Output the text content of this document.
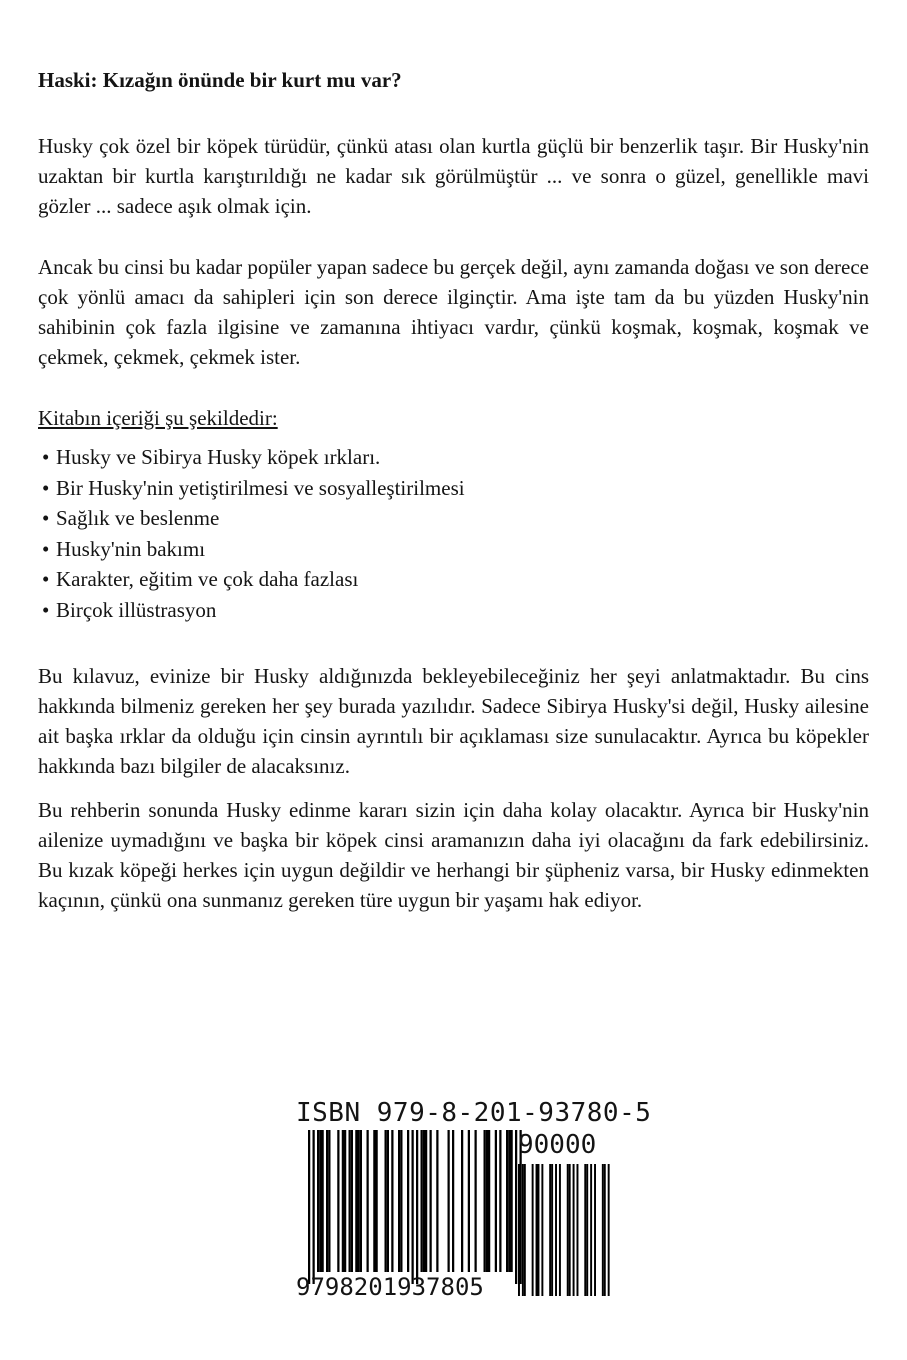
Haski: Kızağın önünde bir kurt mu var?

Husky çok özel bir köpek türüdür, çünkü atası olan kurtla güçlü bir benzerlik taşır. Bir Husky'nin uzaktan bir kurtla karıştırıldığı ne kadar sık görülmüştür ... ve sonra o güzel, genellikle mavi gözler ... sadece aşık olmak için.

Ancak bu cinsi bu kadar popüler yapan sadece bu gerçek değil, aynı zamanda doğası ve son derece çok yönlü amacı da sahipleri için son derece ilginçtir. Ama işte tam da bu yüzden Husky'nin sahibinin çok fazla ilgisine ve zamanına ihtiyacı vardır, çünkü koşmak, koşmak, koşmak ve çekmek, çekmek, çekmek ister.

Kitabın içeriği şu şekildedir:
• Husky ve Sibirya Husky köpek ırkları.
• Bir Husky'nin yetiştirilmesi ve sosyalleştirilmesi
• Sağlık ve beslenme
• Husky'nin bakımı
• Karakter, eğitim ve çok daha fazlası
• Birçok illüstrasyon

Bu kılavuz, evinize bir Husky aldığınızda bekleyebileceğiniz her şeyi anlatmaktadır. Bu cins hakkında bilmeniz gereken her şey burada yazılıdır. Sadece Sibirya Husky'si değil, Husky ailesine ait başka ırklar da olduğu için cinsin ayrıntılı bir açıklaması size sunulacaktır. Ayrıca bu köpekler hakkında bazı bilgiler de alacaksınız.

Bu rehberin sonunda Husky edinme kararı sizin için daha kolay olacaktır. Ayrıca bir Husky'nin ailenize uymadığını ve başka bir köpek cinsi aramanızın daha iyi olacağını da fark edebilirsiniz. Bu kızak köpeği herkes için uygun değildir ve herhangi bir şüpheniz varsa, bir Husky edinmekten kaçının, çünkü ona sunmanız gereken türe uygun bir yaşamı hak ediyor.

ISBN 979-8-201-93780-5
90000
9798201937805
